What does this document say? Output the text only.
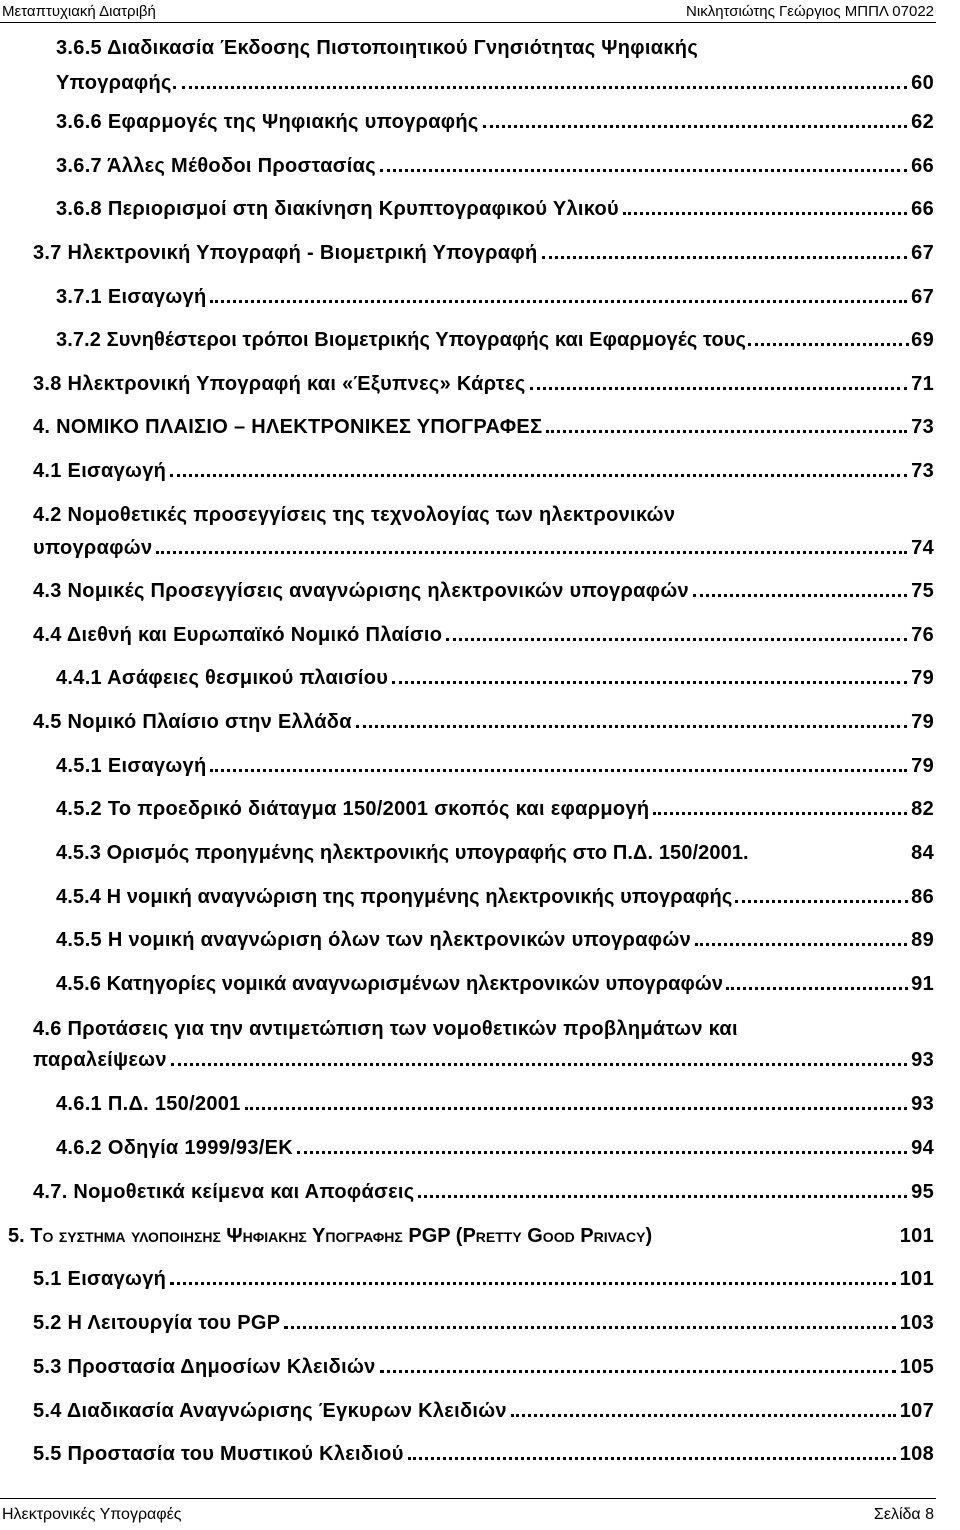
Μεταπτυχιακή Διατριβή	Νικλητσιώτης Γεώργιος ΜΠΠΛ 07022
3.6.5 Διαδικασία Έκδοσης Πιστοποιητικού Γνησιότητας Ψηφιακής
Υπογραφής.	60
3.6.6 Εφαρμογές της Ψηφιακής υπογραφής	62
3.6.7 Άλλες Μέθοδοι Προστασίας	66
3.6.8 Περιορισμοί στη διακίνηση Κρυπτογραφικού Υλικού	66
3.7 Ηλεκτρονική Υπογραφή - Βιομετρική Υπογραφή	67
3.7.1 Εισαγωγή	67
3.7.2 Συνηθέστεροι τρόποι Βιομετρικής Υπογραφής και Εφαρμογές τους	69
3.8 Ηλεκτρονική Υπογραφή και «Έξυπνες» Κάρτες	71
4. ΝΟΜΙΚΟ ΠΛΑΙΣΙΟ – ΗΛΕΚΤΡΟΝΙΚΕΣ ΥΠΟΓΡΑΦΕΣ	73
4.1 Εισαγωγή	73
4.2 Νομοθετικές προσεγγίσεις της τεχνολογίας των ηλεκτρονικών
υπογραφών	74
4.3 Νομικές Προσεγγίσεις αναγνώρισης ηλεκτρονικών υπογραφών	75
4.4 Διεθνή και Ευρωπαϊκό Νομικό Πλαίσιο	76
4.4.1 Ασάφειες θεσμικού πλαισίου	79
4.5 Νομικό Πλαίσιο στην Ελλάδα	79
4.5.1 Εισαγωγή	79
4.5.2 Το προεδρικό διάταγμα 150/2001 σκοπός και εφαρμογή	82
4.5.3 Ορισμός προηγμένης ηλεκτρονικής υπογραφής στο Π.Δ. 150/2001.	84
4.5.4 Η νομική αναγνώριση της προηγμένης ηλεκτρονικής υπογραφής	86
4.5.5 Η νομική αναγνώριση όλων των ηλεκτρονικών υπογραφών	89
4.5.6 Κατηγορίες νομικά αναγνωρισμένων ηλεκτρονικών υπογραφών	91
4.6 Προτάσεις για την αντιμετώπιση των νομοθετικών προβλημάτων και
παραλείψεων	93
4.6.1 Π.Δ. 150/2001	93
4.6.2 Οδηγία 1999/93/ΕΚ	94
4.7. Νομοθετικά κείμενα και Αποφάσεις	95
5. Το συστημα υλοποιησης Ψηφιακης Υπογραφης PGP (Pretty Good Privacy)	101
5.1 Εισαγωγή	101
5.2 Η Λειτουργία του PGP	103
5.3 Προστασία Δημοσίων Κλειδιών	105
5.4 Διαδικασία Αναγνώρισης Έγκυρων Κλειδιών	107
5.5 Προστασία του Μυστικού Κλειδιού	108
Ηλεκτρονικές Υπογραφές	Σελίδα 8
